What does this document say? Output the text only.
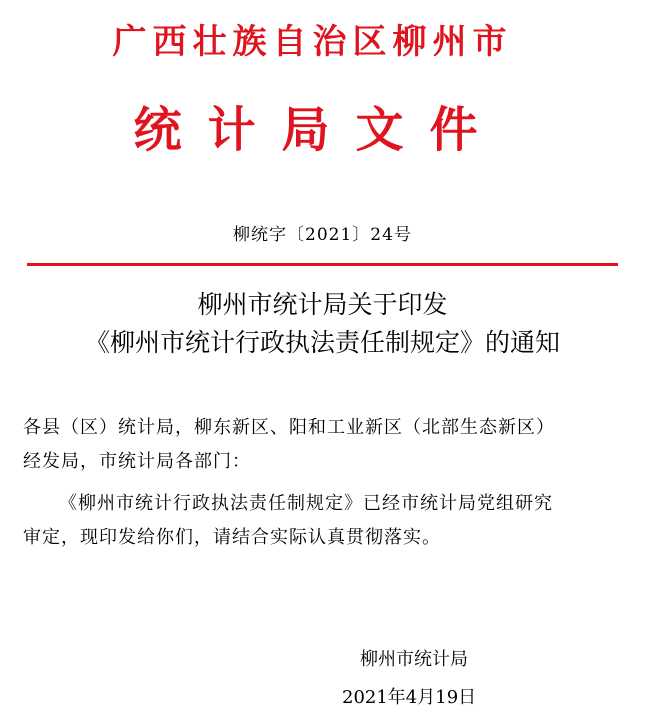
广西壮族自治区柳州市
统计局文件
柳统字〔2021〕24号
柳州市统计局关于印发
《柳州市统计行政执法责任制规定》的通知
各县（区）统计局，柳东新区、阳和工业新区（北部生态新区）
经发局，市统计局各部门：
《柳州市统计行政执法责任制规定》已经市统计局党组研究
审定，现印发给你们，请结合实际认真贯彻落实。
柳州市统计局
2021年4月19日
